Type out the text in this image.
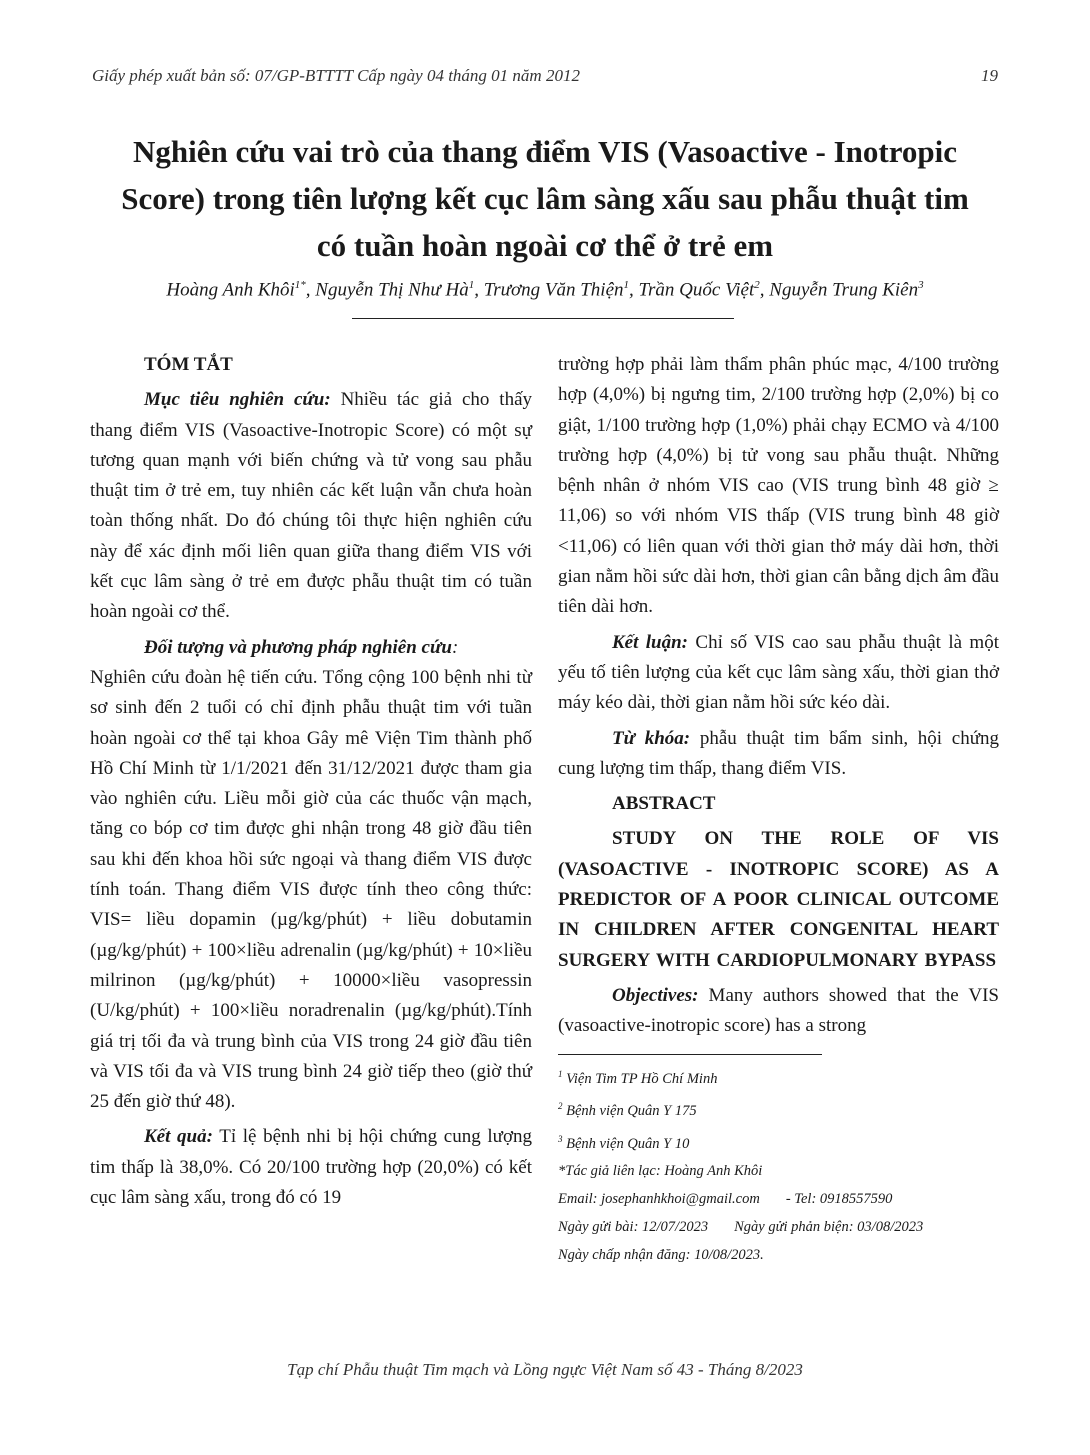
Giấy phép xuất bản số: 07/GP-BTTTT Cấp ngày 04 tháng 01 năm 2012	19
Nghiên cứu vai trò của thang điểm VIS (Vasoactive - Inotropic
Score) trong tiên lượng kết cục lâm sàng xấu sau phẫu thuật tim
có tuần hoàn ngoài cơ thể ở trẻ em
Hoàng Anh Khôi$^{1*}$, Nguyễn Thị Như $Hà^1$, Trương Văn Thiện$^1$, Trần Quốc Việt$^2$, Nguyễn Trung Kiên$^3$
TÓM TẮT

Mục tiêu nghiên cứu: Nhiều tác giả cho thấy thang điểm VIS (Vasoactive-Inotropic Score) có một sự tương quan mạnh với biến chứng và tử vong sau phẫu thuật tim ở trẻ em, tuy nhiên các kết luận vẫn chưa hoàn toàn thống nhất. Do đó chúng tôi thực hiện nghiên cứu này để xác định mối liên quan giữa thang điểm VIS với kết cục lâm sàng ở trẻ em được phẫu thuật tim có tuần hoàn ngoài cơ thể.

Đối tượng và phương pháp nghiên cứu:

Nghiên cứu đoàn hệ tiến cứu. Tổng cộng 100 bệnh nhi từ sơ sinh đến 2 tuổi có chỉ định phẫu thuật tim với tuần hoàn ngoài cơ thể tại khoa Gây mê Viện Tim thành phố Hồ Chí Minh từ 1/1/2021 đến 31/12/2021 được tham gia vào nghiên cứu. Liều mỗi giờ của các thuốc vận mạch, tăng co bóp cơ tim được ghi nhận trong 48 giờ đầu tiên sau khi đến khoa hồi sức ngoại và thang điểm VIS được tính toán. Thang điểm VIS được tính theo công thức: VIS= liều dopamin (µg/kg/phút) + liều dobutamin (µg/kg/phút) + 100×liều adrenalin (µg/kg/phút) + 10×liều milrinon (µg/kg/phút) + 10000×liều vasopressin (U/kg/phút) + 100×liều noradrenalin (µg/kg/phút).Tính giá trị tối đa và trung bình của VIS trong 24 giờ đầu tiên và VIS tối đa và VIS trung bình 24 giờ tiếp theo (giờ thứ 25 đến giờ thứ 48).

Kết quả: Tỉ lệ bệnh nhi bị hội chứng cung lượng tim thấp là 38,0%. Có 20/100 trường hợp (20,0%) có kết cục lâm sàng xấu, trong đó có 19

trường hợp phải làm thẩm phân phúc mạc, 4/100 trường hợp (4,0%) bị ngưng tim, 2/100 trường hợp (2,0%) bị co giật, 1/100 trường hợp (1,0%) phải chạy ECMO và 4/100 trường hợp (4,0%) bị tử vong sau phẫu thuật. Những bệnh nhân ở nhóm VIS cao (VIS trung bình 48 giờ ≥ 11,06) so với nhóm VIS thấp (VIS trung bình 48 giờ <11,06) có liên quan với thời gian thở máy dài hơn, thời gian nằm hồi sức dài hơn, thời gian cân bằng dịch âm đầu tiên dài hơn.

Kết luận: Chỉ số VIS cao sau phẫu thuật là một yếu tố tiên lượng của kết cục lâm sàng xấu, thời gian thở máy kéo dài, thời gian nằm hồi sức kéo dài.

Từ khóa: phẫu thuật tim bẩm sinh, hội chứng cung lượng tim thấp, thang điểm VIS.

ABSTRACT

STUDY ON THE ROLE OF VIS (VASOACTIVE - INOTROPIC SCORE) AS A PREDICTOR OF A POOR CLINICAL OUTCOME IN CHILDREN AFTER CONGENITAL HEART SURGERY WITH CARDIOPULMONARY BYPASS

Objectives: Many authors showed that the VIS (vasoactive-inotropic score) has a strong

$^1$ Viện Tim TP Hồ Chí Minh

$^2$ Bệnh viện Quân Y 175

$^3$ Bệnh viện Quân Y 10

*Tác giả liên lạc: Hoàng Anh Khôi

Email: josephanhkhoi@gmail.com - Tel: 0918557590

Ngày gửi bài: 12/07/2023 Ngày gửi phản biện: 03/08/2023

Ngày chấp nhận đăng: 10/08/2023.

Tạp chí Phẫu thuật Tim mạch và Lồng ngực Việt Nam số 43 - Tháng 8/2023
